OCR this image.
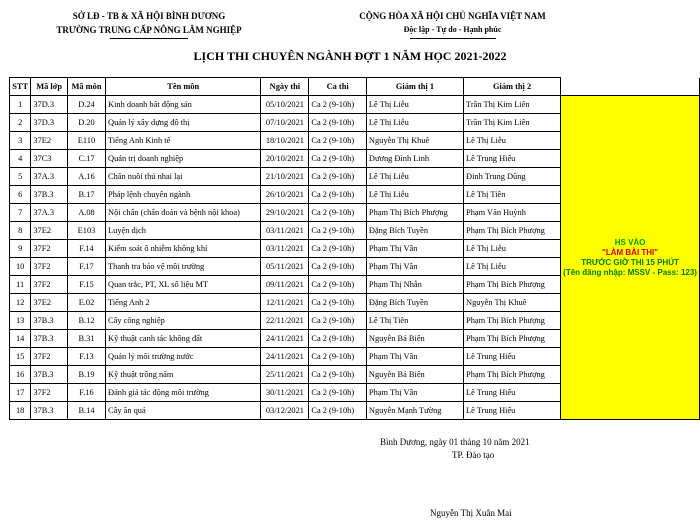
SỞ LĐ - TB & XÃ HỘI BÌNH DƯƠNG
TRƯỜNG TRUNG CẤP NÔNG LÂM NGHIỆP
CỘNG HÒA XÃ HỘI CHỦ NGHĨA VIỆT NAM
Độc lập - Tự do - Hạnh phúc
LỊCH THI CHUYÊN NGÀNH ĐỢT 1 NĂM HỌC 2021-2022
STT	Mã lớp	Mã môn	Tên môn	Ngày thi	Ca thi	Giám thị 1	Giám thị 2	
1	37D.3	D.24	Kinh doanh bất động sản	05/10/2021	Ca 2 (9-10h)	Lê Thị Liễu	Trần Thị Kim Liên	HS VÀO
"LÀM BÀI THI"
TRƯỚC GIỜ THI 15 PHÚT
(Tên đăng nhập: MSSV - Pass: 123)

2	37D.3	D.20	Quản lý xây dựng đô thị	07/10/2021	Ca 2 (9-10h)	Lê Thị Liễu	Trần Thị Kim Liên	
3	37E2	E110	Tiếng Anh Kinh tế	18/10/2021	Ca 2 (9-10h)	Nguyễn Thị Khuê	Lê Thị Liễu	
4	37C3	C.17	Quản trị doanh nghiệp	20/10/2021	Ca 2 (9-10h)	Dương Đình Linh	Lê Trung Hiếu	
5	37A.3	A.16	Chăn nuôi thú nhai lại	21/10/2021	Ca 2 (9-10h)	Lê Thị Liễu	Đinh Trung Dũng	
6	37B.3	B.17	Pháp lệnh chuyên ngành	26/10/2021	Ca 2 (9-10h)	Lê Thị Liễu	Lê Thị Tiên	
7	37A.3	A.08	Nội chẩn (chẩn đoán và bệnh nội khoa)	29/10/2021	Ca 2 (9-10h)	Phạm Thị Bích Phượng	Phạm Văn Huỳnh	
8	37E2	E103	Luyện dịch	03/11/2021	Ca 2 (9-10h)	Đặng Bích Tuyền	Phạm Thị Bích Phượng	
9	37F2	F.14	Kiểm soát ô nhiễm không khí	03/11/2021	Ca 2 (9-10h)	Phạm Thị Vân	Lê Thị Liễu	
10	37F2	F.17	Thanh tra bảo vệ môi trường	05/11/2021	Ca 2 (9-10h)	Phạm Thị Vân	Lê Thị Liễu	
11	37F2	F.15	Quan trắc, PT, XL số liệu MT	09/11/2021	Ca 2 (9-10h)	Phạm Thị Nhẫn	Phạm Thị Bích Phượng	
12	37E2	E.02	Tiếng Anh 2	12/11/2021	Ca 2 (9-10h)	Đặng Bích Tuyền	Nguyễn Thị Khuê	
13	37B.3	B.12	Cây công nghiệp	22/11/2021	Ca 2 (9-10h)	Lê Thị Tiên	Phạm Thị Bích Phượng	
14	37B.3	B.31	Kỹ thuật canh tác không đất	24/11/2021	Ca 2 (9-10h)	Nguyễn Bá Biên	Phạm Thị Bích Phượng	
15	37F2	F.13	Quản lý môi trường nước	24/11/2021	Ca 2 (9-10h)	Phạm Thị Vân	Lê Trung Hiếu	
16	37B.3	B.19	Kỹ thuật trồng nấm	25/11/2021	Ca 2 (9-10h)	Nguyễn Bá Biên	Phạm Thị Bích Phượng	
17	37F2	F.16	Đánh giá tác động môi trường	30/11/2021	Ca 2 (9-10h)	Phạm Thị Vân	Lê Trung Hiếu	
18	37B.3	B.14	Cây ăn quả	03/12/2021	Ca 2 (9-10h)	Nguyễn Mạnh Tường	Lê Trung Hiếu	
Bình Dương, ngày 01 tháng 10 năm 2021
TP. Đào tạo
Nguyễn Thị Xuân Mai
